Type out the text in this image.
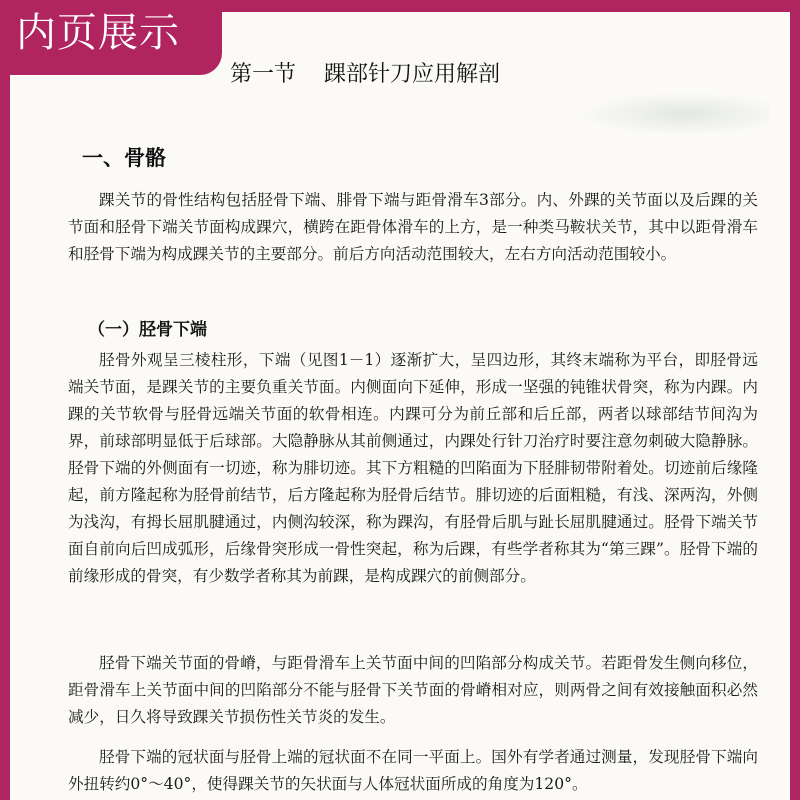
第一节    踝部针刀应用解剖
一、骨骼

踝关节的骨性结构包括胫骨下端、腓骨下端与距骨滑车3部分。内、外踝的关节面以及后踝的关节面和胫骨下端关节面构成踝穴，横跨在距骨体滑车的上方，是一种类马鞍状关节，其中以距骨滑车和胫骨下端为构成踝关节的主要部分。前后方向活动范围较大，左右方向活动范围较小。

（一）胫骨下端

胫骨外观呈三棱柱形，下端（见图1－1）逐渐扩大，呈四边形，其终末端称为平台，即胫骨远端关节面，是踝关节的主要负重关节面。内侧面向下延伸，形成一坚强的钝锥状骨突，称为内踝。内踝的关节软骨与胫骨远端关节面的软骨相连。内踝可分为前丘部和后丘部，两者以球部结节间沟为界，前球部明显低于后球部。大隐静脉从其前侧通过，内踝处行针刀治疗时要注意勿刺破大隐静脉。胫骨下端的外侧面有一切迹，称为腓切迹。其下方粗糙的凹陷面为下胫腓韧带附着处。切迹前后缘隆起，前方隆起称为胫骨前结节，后方隆起称为胫骨后结节。腓切迹的后面粗糙，有浅、深两沟，外侧为浅沟，有拇长屈肌腱通过，内侧沟较深，称为踝沟，有胫骨后肌与趾长屈肌腱通过。胫骨下端关节面自前向后凹成弧形，后缘骨突形成一骨性突起，称为后踝，有些学者称其为“第三踝”。胫骨下端的前缘形成的骨突，有少数学者称其为前踝，是构成踝穴的前侧部分。

胫骨下端关节面的骨嵴，与距骨滑车上关节面中间的凹陷部分构成关节。若距骨发生侧向移位，距骨滑车上关节面中间的凹陷部分不能与胫骨下关节面的骨嵴相对应，则两骨之间有效接触面积必然减少，日久将导致踝关节损伤性关节炎的发生。

胫骨下端的冠状面与胫骨上端的冠状面不在同一平面上。国外有学者通过测量，发现胫骨下端向外扭转约0°～40°，使得踝关节的矢状面与人体冠状面所成的角度为120°。

内页展示
